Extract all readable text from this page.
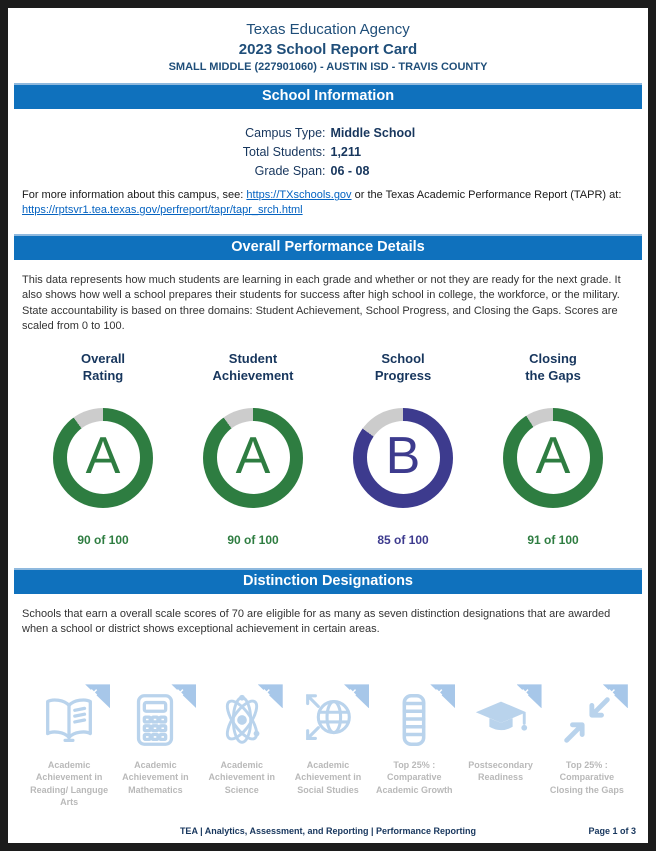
Texas Education Agency
2023 School Report Card
SMALL MIDDLE (227901060) - AUSTIN ISD - TRAVIS COUNTY
School Information
Campus Type: Middle School
Total Students: 1,211
Grade Span: 06 - 08
For more information about this campus, see: https://TXschools.gov or the Texas Academic Performance Report (TAPR) at: https://rptsvr1.tea.texas.gov/perfreport/tapr/tapr_srch.html
Overall Performance Details
This data represents how much students are learning in each grade and whether or not they are ready for the next grade. It also shows how well a school prepares their students for success after high school in college, the workforce, or the military. State accountability is based on three domains: Student Achievement, School Progress, and Closing the Gaps. Scores are scaled from 0 to 100.
Overall
Rating
A
90 of 100
Student
Achievement
A
90 of 100
School
Progress
B
85 of 100
Closing
the Gaps
A
91 of 100
Distinction Designations
Schools that earn a overall scale scores of 70 are eligible for as many as seven distinction designations that are awarded when a school or district shows exceptional achievement in certain areas.
✕
Academic Achievement in Reading/ Languge Arts
✕
Academic Achievement in Mathematics
✕
Academic Achievement in Science
✕
Academic Achievement in Social Studies
✕
Top 25% : Comparative Academic Growth
✕
Postsecondary Readiness
✕
Top 25% : Comparative Closing the Gaps
TEA | Analytics, Assessment, and Reporting | Performance Reporting	Page 1 of 3
